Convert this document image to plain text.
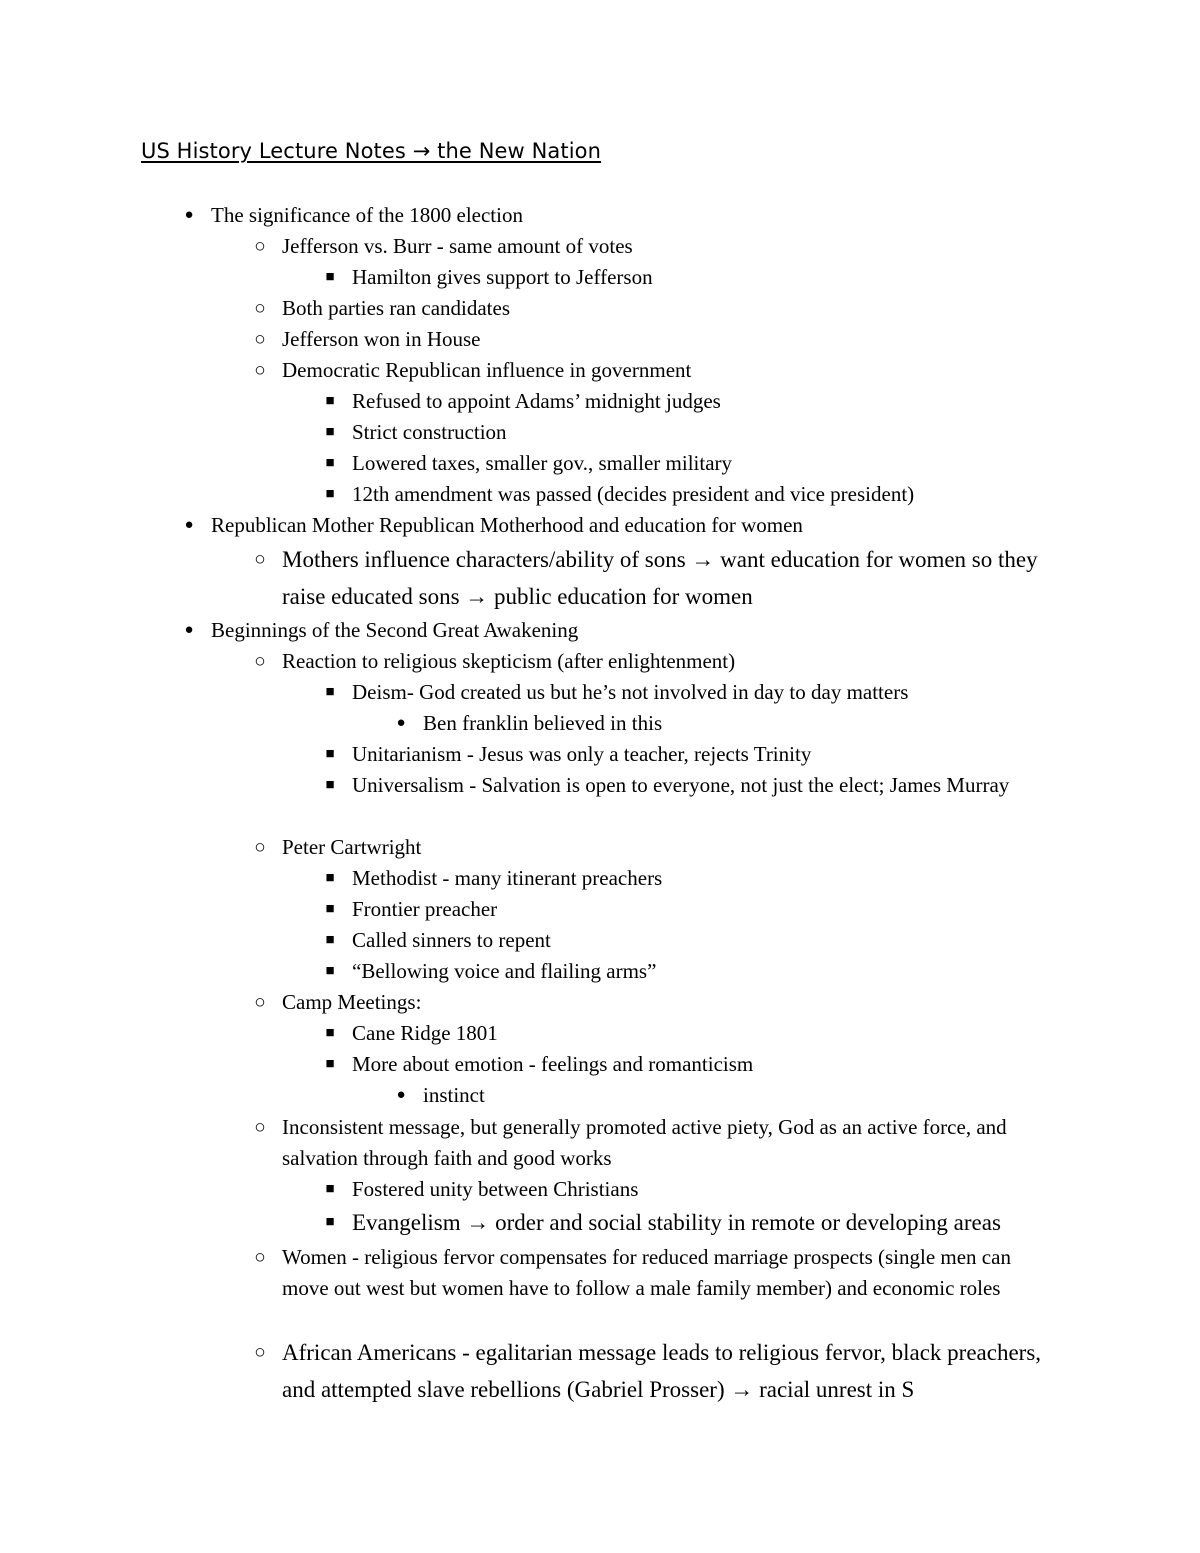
US History Lecture Notes → the New Nation
● The significance of the 1800 election
○ Jefferson vs. Burr - same amount of votes
■ Hamilton gives support to Jefferson
○ Both parties ran candidates
○ Jefferson won in House
○ Democratic Republican influence in government
■ Refused to appoint Adams’ midnight judges
■ Strict construction
■ Lowered taxes, smaller gov., smaller military
■ 12th amendment was passed (decides president and vice president)
● Republican Mother Republican Motherhood and education for women
○ Mothers influence characters/ability of sons → want education for women so they raise educated sons → public education for women
● Beginnings of the Second Great Awakening
○ Reaction to religious skepticism (after enlightenment)
■ Deism- God created us but he’s not involved in day to day matters
● Ben franklin believed in this
■ Unitarianism - Jesus was only a teacher, rejects Trinity
■ Universalism - Salvation is open to everyone, not just the elect; James Murray
○ Peter Cartwright
■ Methodist - many itinerant preachers
■ Frontier preacher
■ Called sinners to repent
■ “Bellowing voice and flailing arms”
○ Camp Meetings:
■ Cane Ridge 1801
■ More about emotion - feelings and romanticism
● instinct
○ Inconsistent message, but generally promoted active piety, God as an active force, and salvation through faith and good works
■ Fostered unity between Christians
■ Evangelism → order and social stability in remote or developing areas
○ Women - religious fervor compensates for reduced marriage prospects (single men can move out west but women have to follow a male family member) and economic roles
○ African Americans - egalitarian message leads to religious fervor, black preachers, and attempted slave rebellions (Gabriel Prosser) → racial unrest in S
